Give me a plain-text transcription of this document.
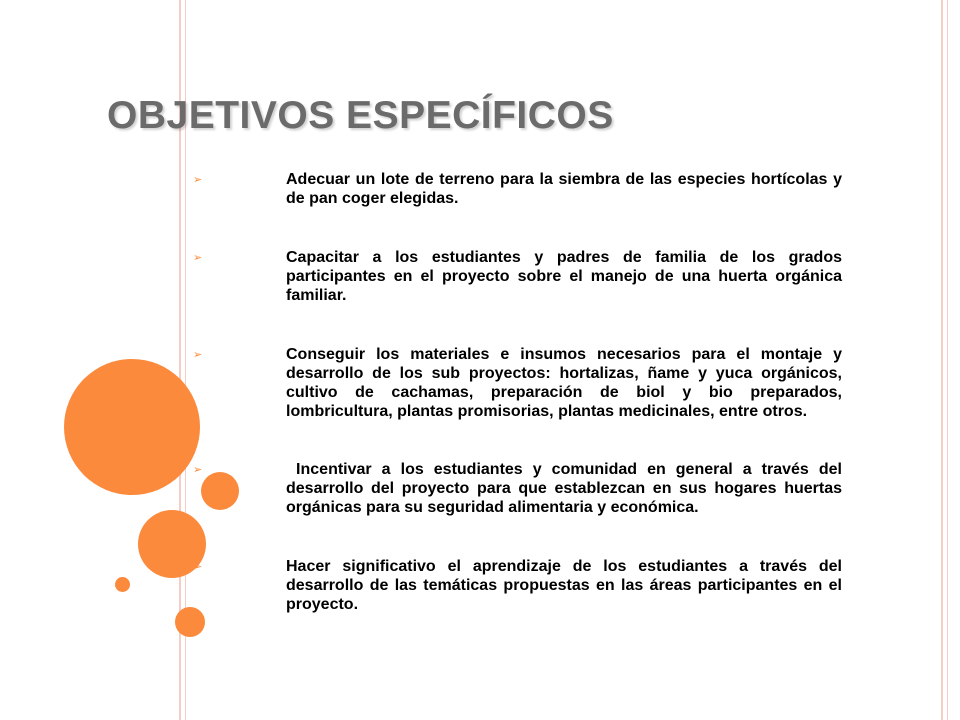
OBJETIVOS ESPECÍFICOS
➢	Adecuar un lote de terreno para la siembra de las especies hortícolas y de pan coger elegidas.
➢	Capacitar a los estudiantes y padres de familia de los grados participantes en el proyecto sobre el manejo de una huerta orgánica familiar.
➢	Conseguir los materiales e insumos necesarios para el montaje y desarrollo de los sub proyectos: hortalizas, ñame y yuca orgánicos, cultivo de cachamas, preparación de biol y bio preparados, lombricultura, plantas promisorias, plantas medicinales, entre otros.
➢	Incentivar a los estudiantes y comunidad en general a través del desarrollo del proyecto para que establezcan en sus hogares huertas orgánicas para su seguridad alimentaria y económica.
➢	Hacer significativo el aprendizaje de los estudiantes a través del desarrollo de las temáticas propuestas en las áreas participantes en el proyecto.
